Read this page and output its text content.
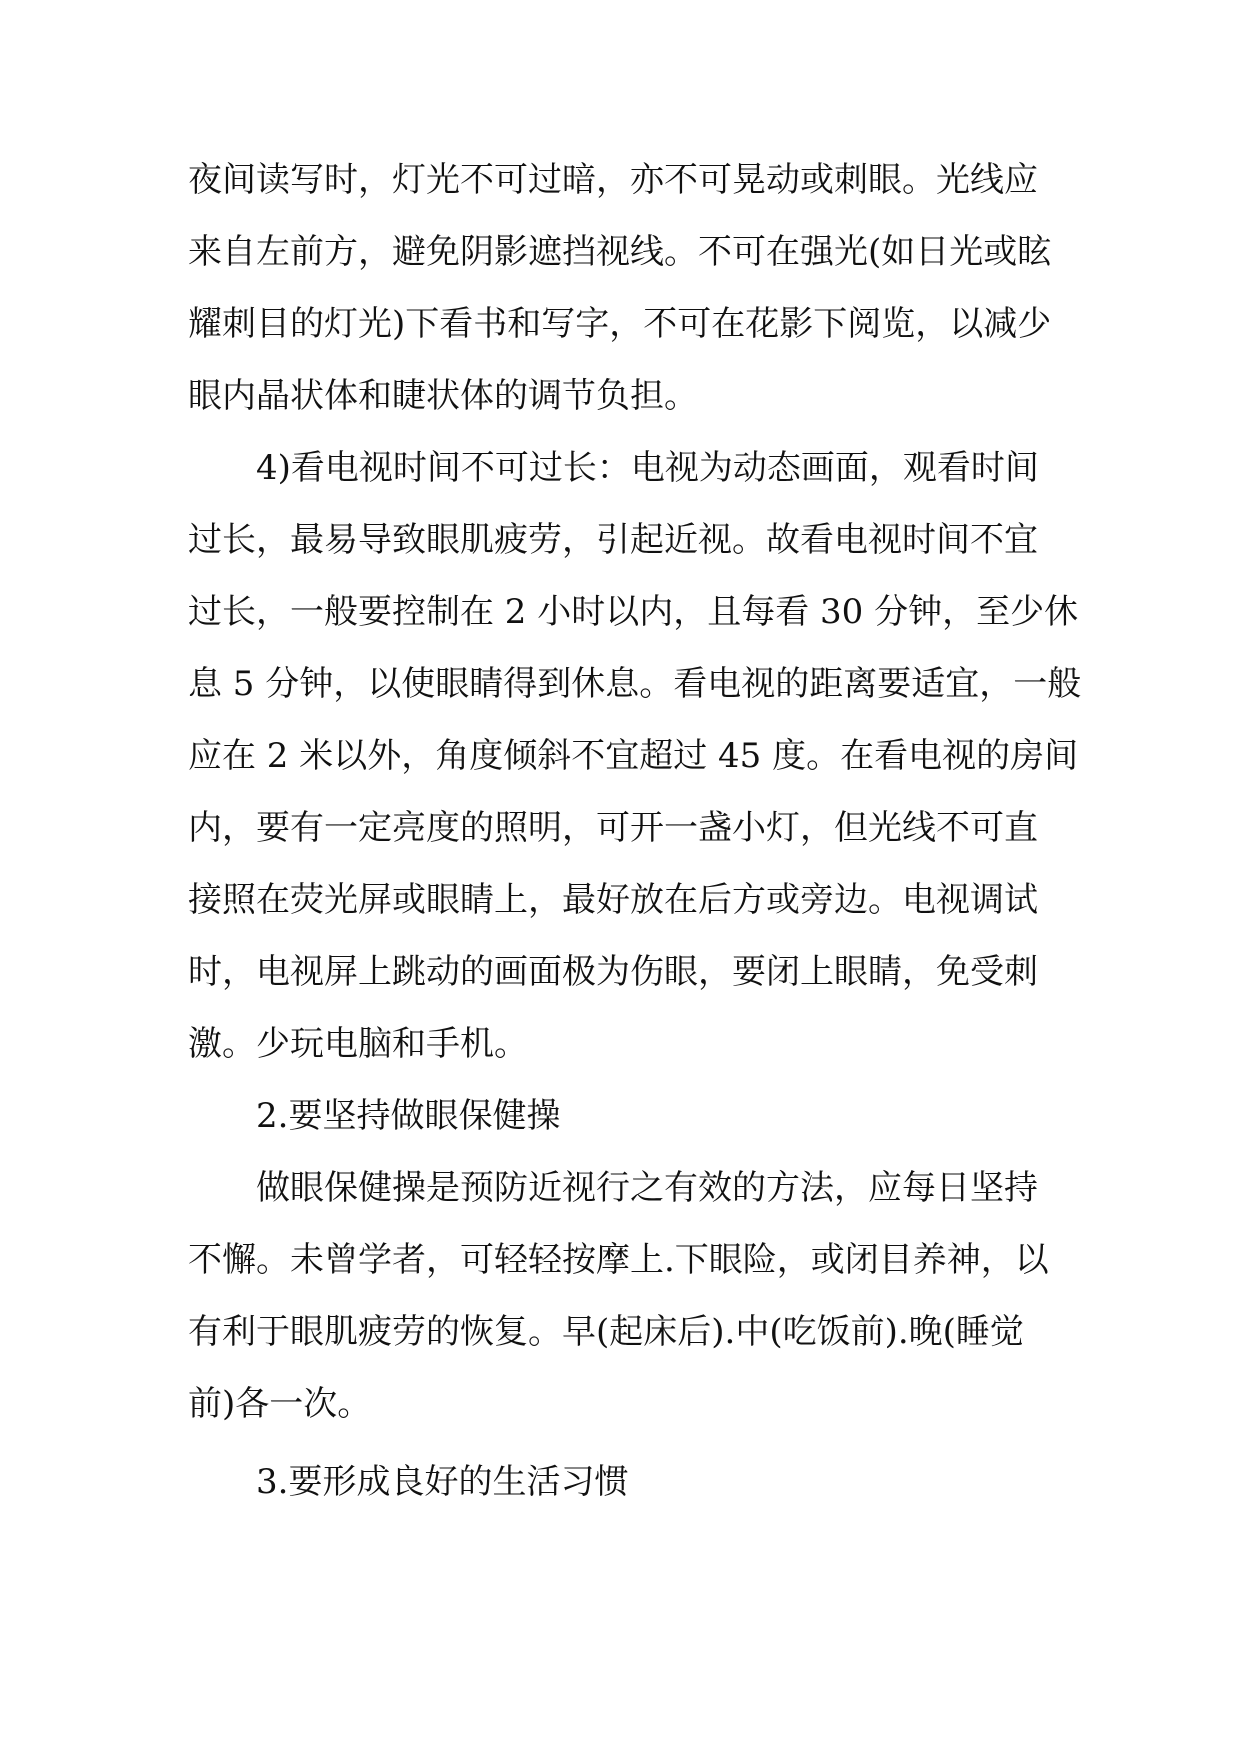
夜间读写时，灯光不可过暗，亦不可晃动或刺眼。光线应
来自左前方，避免阴影遮挡视线。不可在强光(如日光或眩
耀刺目的灯光)下看书和写字，不可在花影下阅览，以减少
眼内晶状体和睫状体的调节负担。
4)看电视时间不可过长：电视为动态画面，观看时间
过长，最易导致眼肌疲劳，引起近视。故看电视时间不宜
过长，一般要控制在 2 小时以内，且每看 30 分钟，至少休
息 5 分钟，以使眼睛得到休息。看电视的距离要适宜，一般
应在 2 米以外，角度倾斜不宜超过 45 度。在看电视的房间
内，要有一定亮度的照明，可开一盏小灯，但光线不可直
接照在荧光屏或眼睛上，最好放在后方或旁边。电视调试
时，电视屏上跳动的画面极为伤眼，要闭上眼睛，免受刺
激。少玩电脑和手机。
2.要坚持做眼保健操
做眼保健操是预防近视行之有效的方法，应每日坚持
不懈。未曾学者，可轻轻按摩上.下眼险，或闭目养神，以
有利于眼肌疲劳的恢复。早(起床后).中(吃饭前).晚(睡觉
前)各一次。
3.要形成良好的生活习惯
